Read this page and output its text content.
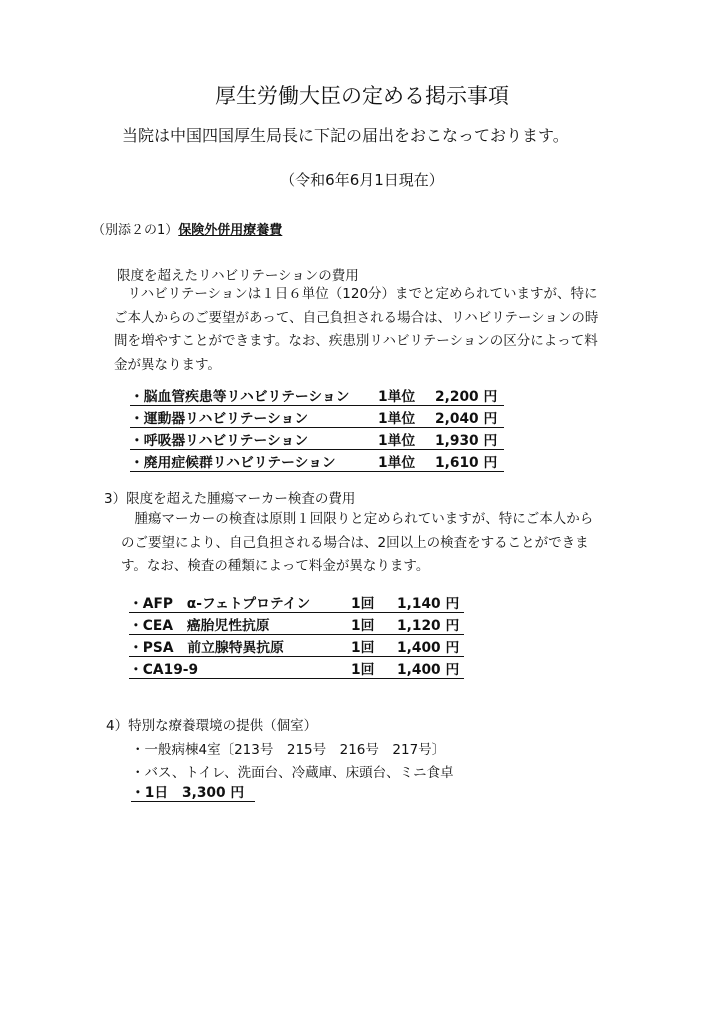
厚生労働大臣の定める掲示事項
当院は中国四国厚生局長に下記の届出をおこなっております。
（令和6年6月1日現在）
（別添２の1）保険外併用療養費
限度を超えたリハビリテーションの費用
　リハビリテーションは１日６単位（120分）までと定められていますが、特に
ご本人からのご要望があって、自己負担される場合は、リハビリテーションの時
間を増やすことができます。なお、疾患別リハビリテーションの区分によって料
金が異なります。
・脳血管疾患等リハビリテーション 1単位 2,200 円
・運動器リハビリテーション	1単位 2,040 円
・呼吸器リハビリテーション	1単位 1,930 円
・廃用症候群リハビリテーション	1単位 1,610 円
3）限度を超えた腫瘍マーカー検査の費用
　腫瘍マーカーの検査は原則１回限りと定められていますが、特にご本人から
のご要望により、自己負担される場合は、2回以上の検査をすることができま
す。なお、検査の種類によって料金が異なります。
・AFP　α-フェトプロテイン	1回 1,140 円
・CEA　癌胎児性抗原	1回 1,120 円
・PSA　前立腺特異抗原	1回 1,400 円
・CA19-9	1回 1,400 円
4）特別な療養環境の提供（個室）
・一般病棟4室〔213号　215号　216号　217号〕
・バス、トイレ、洗面台、冷蔵庫、床頭台、ミニ食卓
・1日　3,300 円
